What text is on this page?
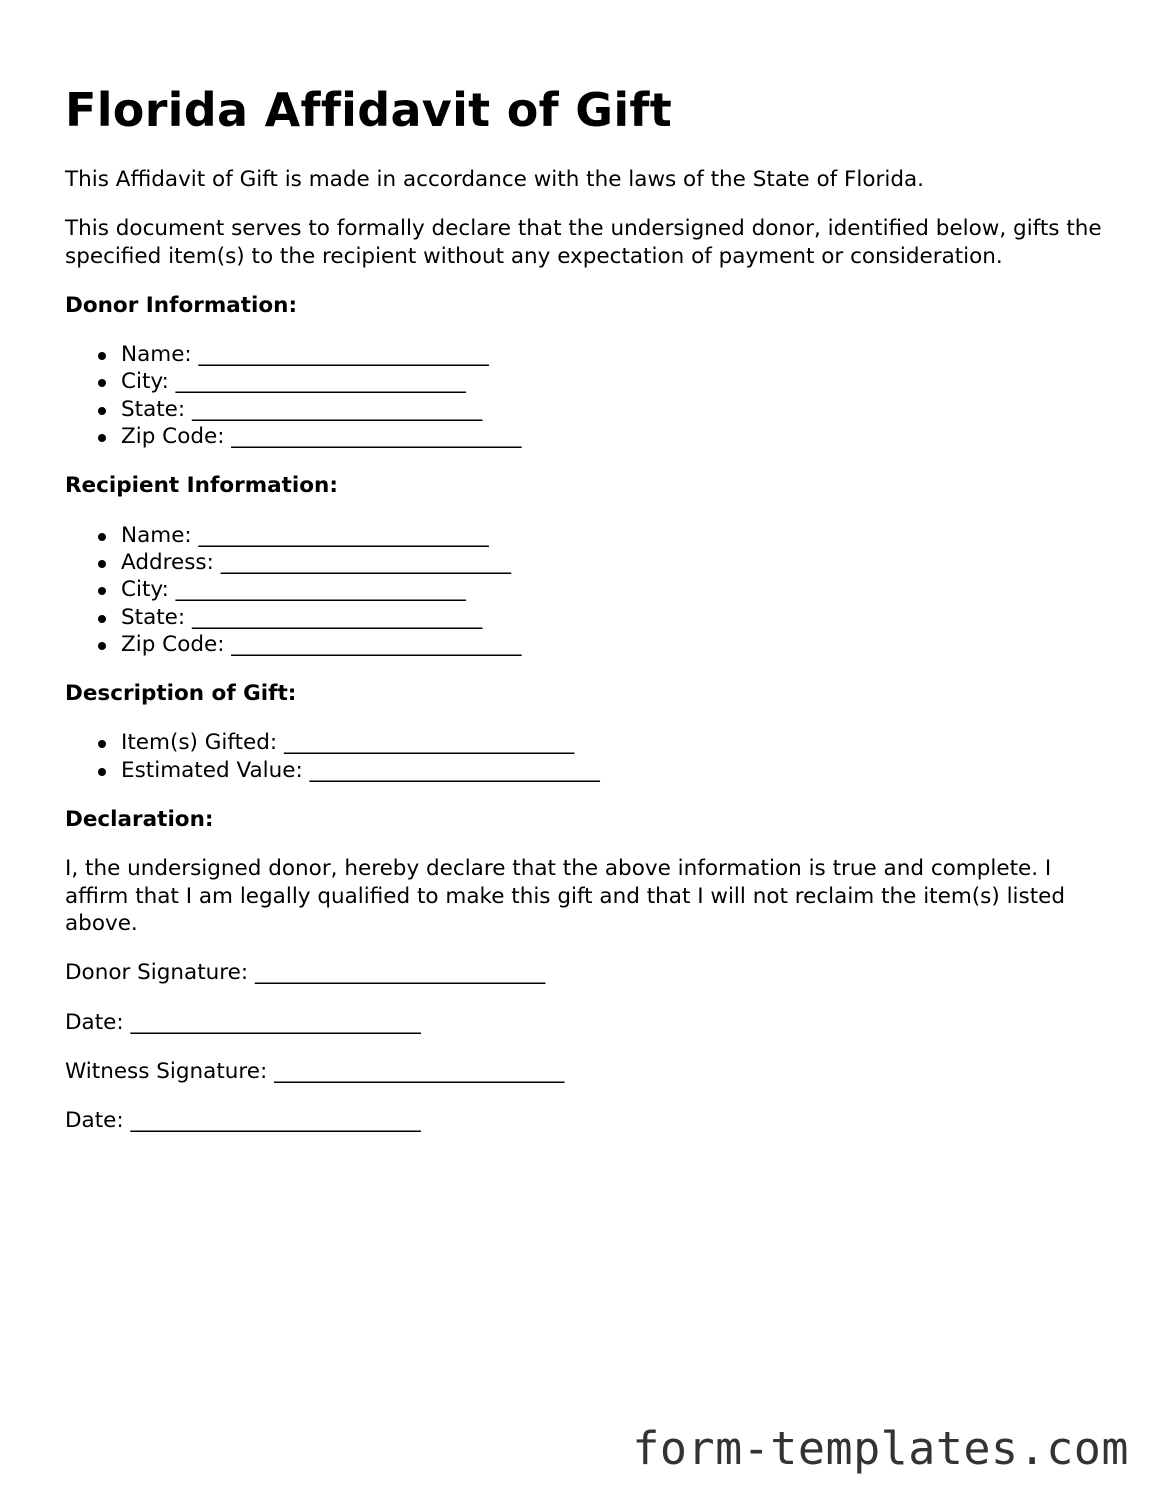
Florida Affidavit of Gift

This Affidavit of Gift is made in accordance with the laws of the State of Florida.

This document serves to formally declare that the undersigned donor, identified below, gifts the specified item(s) to the recipient without any expectation of payment or consideration.

Donor Information:
Name: ___________________________
City: ___________________________
State: ___________________________
Zip Code: ___________________________
Recipient Information:
Name: ___________________________
Address: ___________________________
City: ___________________________
State: ___________________________
Zip Code: ___________________________
Description of Gift:
Item(s) Gifted: ___________________________
Estimated Value: ___________________________
Declaration:

I, the undersigned donor, hereby declare that the above information is true and complete. I affirm that I am legally qualified to make this gift and that I will not reclaim the item(s) listed above.

Donor Signature: ___________________________

Date: ___________________________

Witness Signature: ___________________________

Date: ___________________________

form-templates.com
